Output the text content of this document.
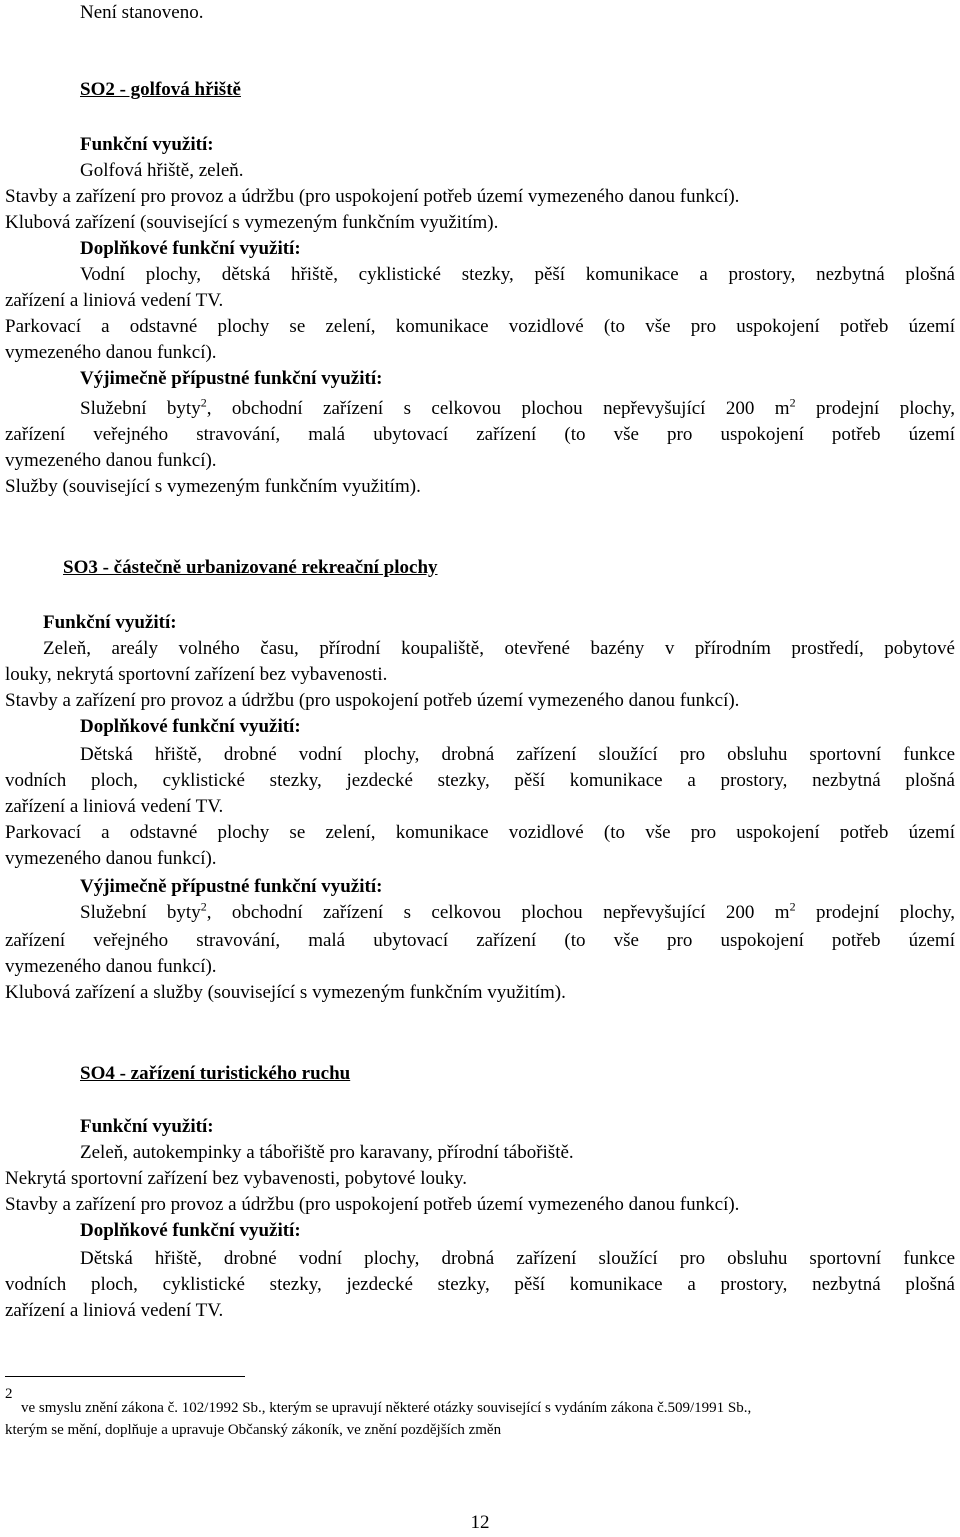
Není stanoveno.
SO2 - golfová hřiště
Funkční využití:
Golfová hřiště, zeleň.
Stavby a zařízení pro provoz a údržbu (pro uspokojení potřeb území vymezeného danou funkcí).
Klubová zařízení (související s vymezeným funkčním využitím).
Doplňkové funkční využití:
Vodní plochy, dětská hřiště, cyklistické stezky, pěší komunikace a prostory, nezbytná plošná
zařízení a liniová vedení TV.
Parkovací a odstavné plochy se zelení, komunikace vozidlové (to vše pro uspokojení potřeb území
vymezeného danou funkcí).
Výjimečně přípustné funkční využití:
Služební byty$^2$, obchodní zařízení s celkovou plochou nepřevyšující 200 $m^2$ prodejní plochy,
zařízení veřejného stravování, malá ubytovací zařízení (to vše pro uspokojení potřeb území
vymezeného danou funkcí).
Služby (související s vymezeným funkčním využitím).
SO3 - částečně urbanizované rekreační plochy
Funkční využití:
Zeleň, areály volného času, přírodní koupaliště, otevřené bazény v přírodním prostředí, pobytové
louky, nekrytá sportovní zařízení bez vybavenosti.
Stavby a zařízení pro provoz a údržbu (pro uspokojení potřeb území vymezeného danou funkcí).
Doplňkové funkční využití:
Dětská hřiště, drobné vodní plochy, drobná zařízení sloužící pro obsluhu sportovní funkce
vodních ploch, cyklistické stezky, jezdecké stezky, pěší komunikace a prostory, nezbytná plošná
zařízení a liniová vedení TV.
Parkovací a odstavné plochy se zelení, komunikace vozidlové (to vše pro uspokojení potřeb území
vymezeného danou funkcí).
Výjimečně přípustné funkční využití:
Služební byty$^2$, obchodní zařízení s celkovou plochou nepřevyšující 200 $m^2$ prodejní plochy,
zařízení veřejného stravování, malá ubytovací zařízení (to vše pro uspokojení potřeb území
vymezeného danou funkcí).
Klubová zařízení a služby (související s vymezeným funkčním využitím).
SO4 - zařízení turistického ruchu
Funkční využití:
Zeleň, autokempinky a tábořiště pro karavany, přírodní tábořiště.
Nekrytá sportovní zařízení bez vybavenosti, pobytové louky.
Stavby a zařízení pro provoz a údržbu (pro uspokojení potřeb území vymezeného danou funkcí).
Doplňkové funkční využití:
Dětská hřiště, drobné vodní plochy, drobná zařízení sloužící pro obsluhu sportovní funkce
vodních ploch, cyklistické stezky, jezdecké stezky, pěší komunikace a prostory, nezbytná plošná
zařízení a liniová vedení TV.
2
ve smyslu znění zákona č. 102/1992 Sb., kterým se upravují některé otázky související s vydáním zákona č.509/1991 Sb.,
kterým se mění, doplňuje a upravuje Občanský zákoník, ve znění pozdějších změn
12
